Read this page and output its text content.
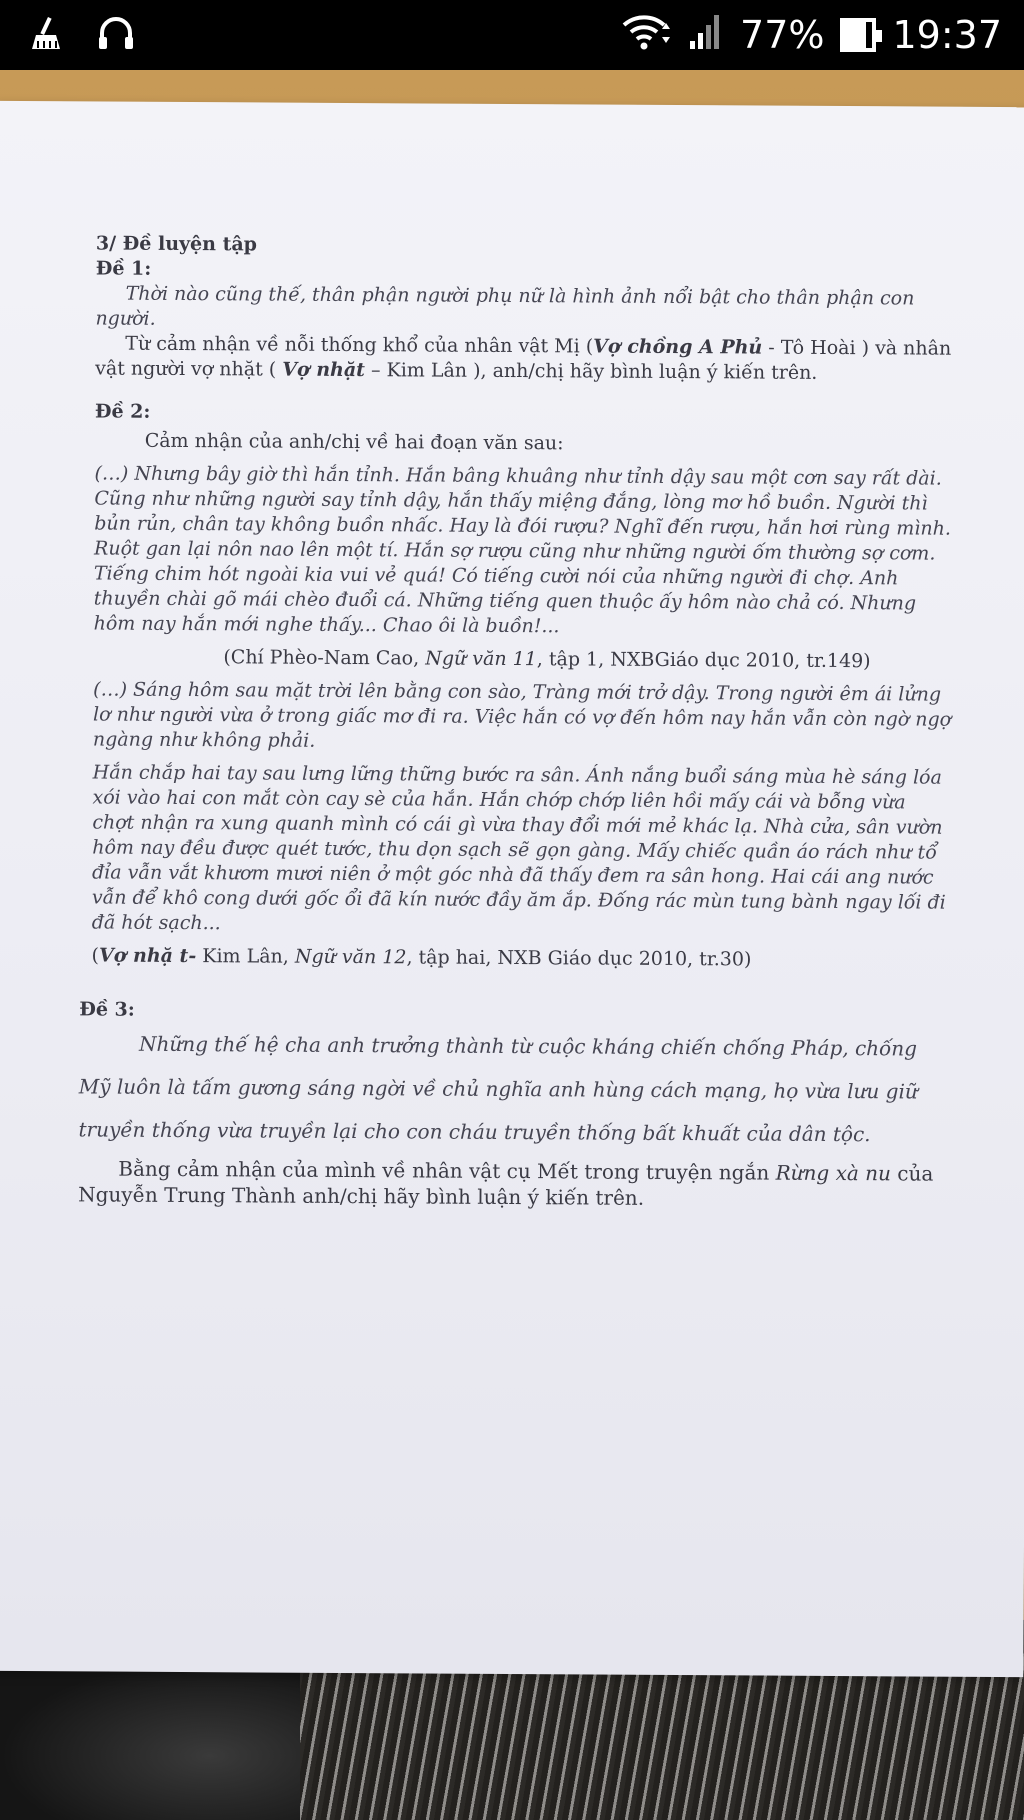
77% 19:37

3/ Đề luyện tập

Đề 1:

Thời nào cũng thế, thân phận người phụ nữ là hình ảnh nổi bật cho thân phận con người.

Từ cảm nhận về nỗi thống khổ của nhân vật Mị (Vợ chồng A Phủ - Tô Hoài ) và nhân vật người vợ nhặt ( Vợ nhặt – Kim Lân ), anh/chị hãy bình luận ý kiến trên.

Đề 2:

Cảm nhận của anh/chị về hai đoạn văn sau:

(…) Nhưng bây giờ thì hắn tỉnh. Hắn bâng khuâng như tỉnh dậy sau một cơn say rất dài. Cũng như những người say tỉnh dậy, hắn thấy miệng đắng, lòng mơ hồ buồn. Người thì bủn rủn, chân tay không buồn nhấc. Hay là đói rượu? Nghĩ đến rượu, hắn hơi rùng mình. Ruột gan lại nôn nao lên một tí. Hắn sợ rượu cũng như những người ốm thường sợ cơm. Tiếng chim hót ngoài kia vui vẻ quá! Có tiếng cười nói của những người đi chợ. Anh thuyền chài gõ mái chèo đuổi cá. Những tiếng quen thuộc ấy hôm nào chả có. Nhưng hôm nay hắn mới nghe thấy... Chao ôi là buồn!...

(Chí Phèo-Nam Cao, Ngữ văn 11, tập 1, NXBGiáo dục 2010, tr.149)

(…) Sáng hôm sau mặt trời lên bằng con sào, Tràng mới trở dậy. Trong người êm ái lửng lơ như người vừa ở trong giấc mơ đi ra. Việc hắn có vợ đến hôm nay hắn vẫn còn ngờ ngợ ngàng như không phải.

Hắn chắp hai tay sau lưng lững thững bước ra sân. Ánh nắng buổi sáng mùa hè sáng lóa xói vào hai con mắt còn cay sè của hắn. Hắn chớp chớp liên hồi mấy cái và bỗng vừa chợt nhận ra xung quanh mình có cái gì vừa thay đổi mới mẻ khác lạ. Nhà cửa, sân vườn hôm nay đều được quét tước, thu dọn sạch sẽ gọn gàng. Mấy chiếc quần áo rách như tổ đỉa vẫn vắt khươm mươi niên ở một góc nhà đã thấy đem ra sân hong. Hai cái ang nước vẫn để khô cong dưới gốc ổi đã kín nước đầy ăm ắp. Đống rác mùn tung bành ngay lối đi đã hót sạch...

(Vợ nhặ t- Kim Lân, Ngữ văn 12, tập hai, NXB Giáo dục 2010, tr.30)

Đề 3:

Những thế hệ cha anh trưởng thành từ cuộc kháng chiến chống Pháp, chống Mỹ luôn là tấm gương sáng ngời về chủ nghĩa anh hùng cách mạng, họ vừa lưu giữ truyền thống vừa truyền lại cho con cháu truyền thống bất khuất của dân tộc.

Bằng cảm nhận của mình về nhân vật cụ Mết trong truyện ngắn Rừng xà nu của Nguyễn Trung Thành anh/chị hãy bình luận ý kiến trên.
